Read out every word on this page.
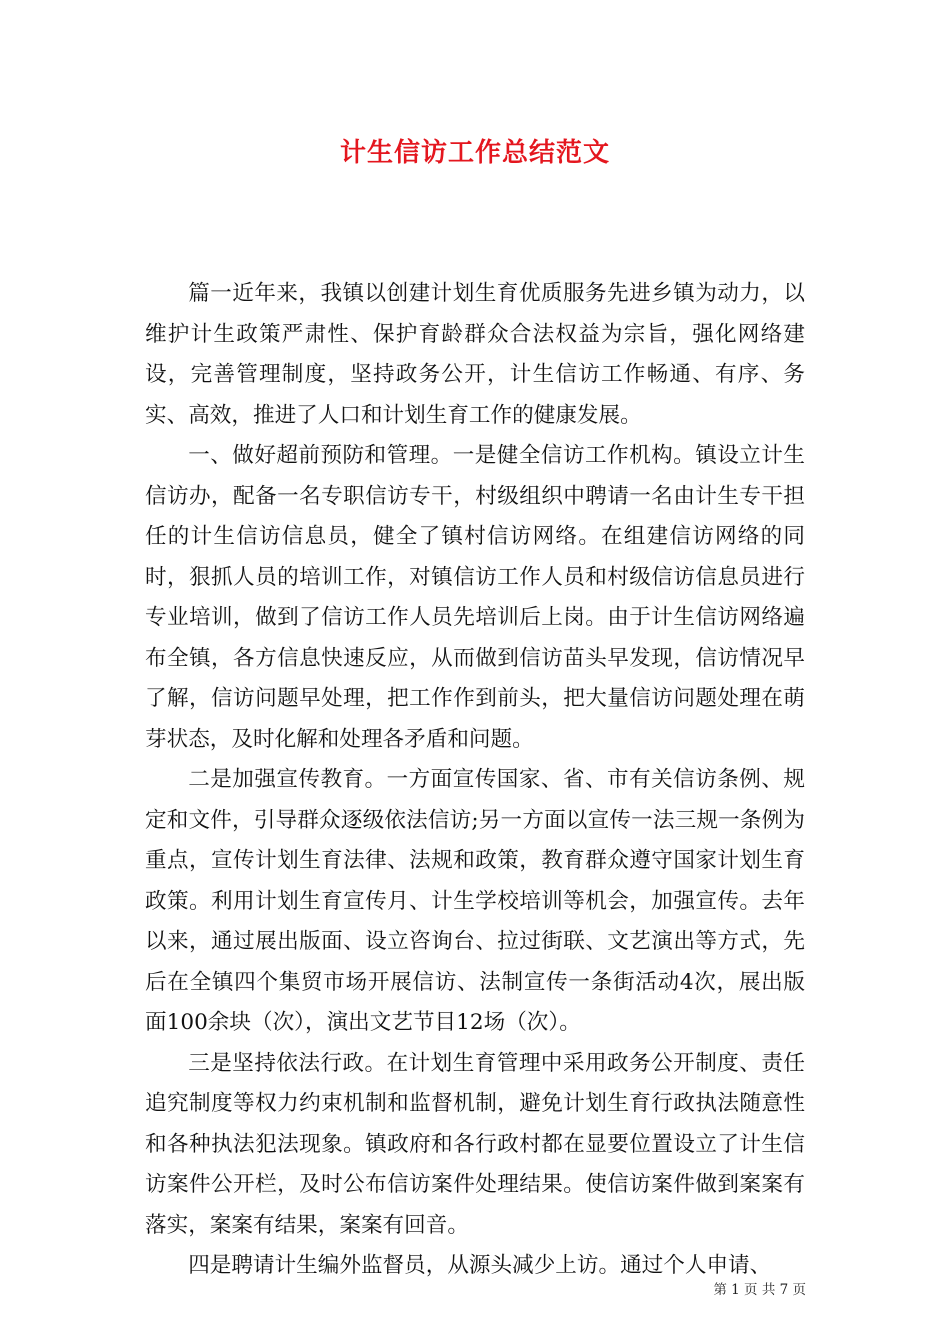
计生信访工作总结范文

篇一近年来，我镇以创建计划生育优质服务先进乡镇为动力，以维护计生政策严肃性、保护育龄群众合法权益为宗旨，强化网络建设，完善管理制度，坚持政务公开，计生信访工作畅通、有序、务实、高效，推进了人口和计划生育工作的健康发展。

一、做好超前预防和管理。一是健全信访工作机构。镇设立计生信访办，配备一名专职信访专干，村级组织中聘请一名由计生专干担任的计生信访信息员，健全了镇村信访网络。在组建信访网络的同时，狠抓人员的培训工作，对镇信访工作人员和村级信访信息员进行专业培训，做到了信访工作人员先培训后上岗。由于计生信访网络遍布全镇，各方信息快速反应，从而做到信访苗头早发现，信访情况早了解，信访问题早处理，把工作作到前头，把大量信访问题处理在萌芽状态，及时化解和处理各矛盾和问题。

二是加强宣传教育。一方面宣传国家、省、市有关信访条例、规定和文件，引导群众逐级依法信访;另一方面以宣传一法三规一条例为重点，宣传计划生育法律、法规和政策，教育群众遵守国家计划生育政策。利用计划生育宣传月、计生学校培训等机会，加强宣传。去年以来，通过展出版面、设立咨询台、拉过街联、文艺演出等方式，先后在全镇四个集贸市场开展信访、法制宣传一条街活动4次，展出版面100余块（次），演出文艺节目12场（次）。

三是坚持依法行政。在计划生育管理中采用政务公开制度、责任追究制度等权力约束机制和监督机制，避免计划生育行政执法随意性和各种执法犯法现象。镇政府和各行政村都在显要位置设立了计生信访案件公开栏，及时公布信访案件处理结果。使信访案件做到案案有落实，案案有结果，案案有回音。

四是聘请计生编外监督员，从源头减少上访。通过个人申请、

第 1 页 共 7 页
